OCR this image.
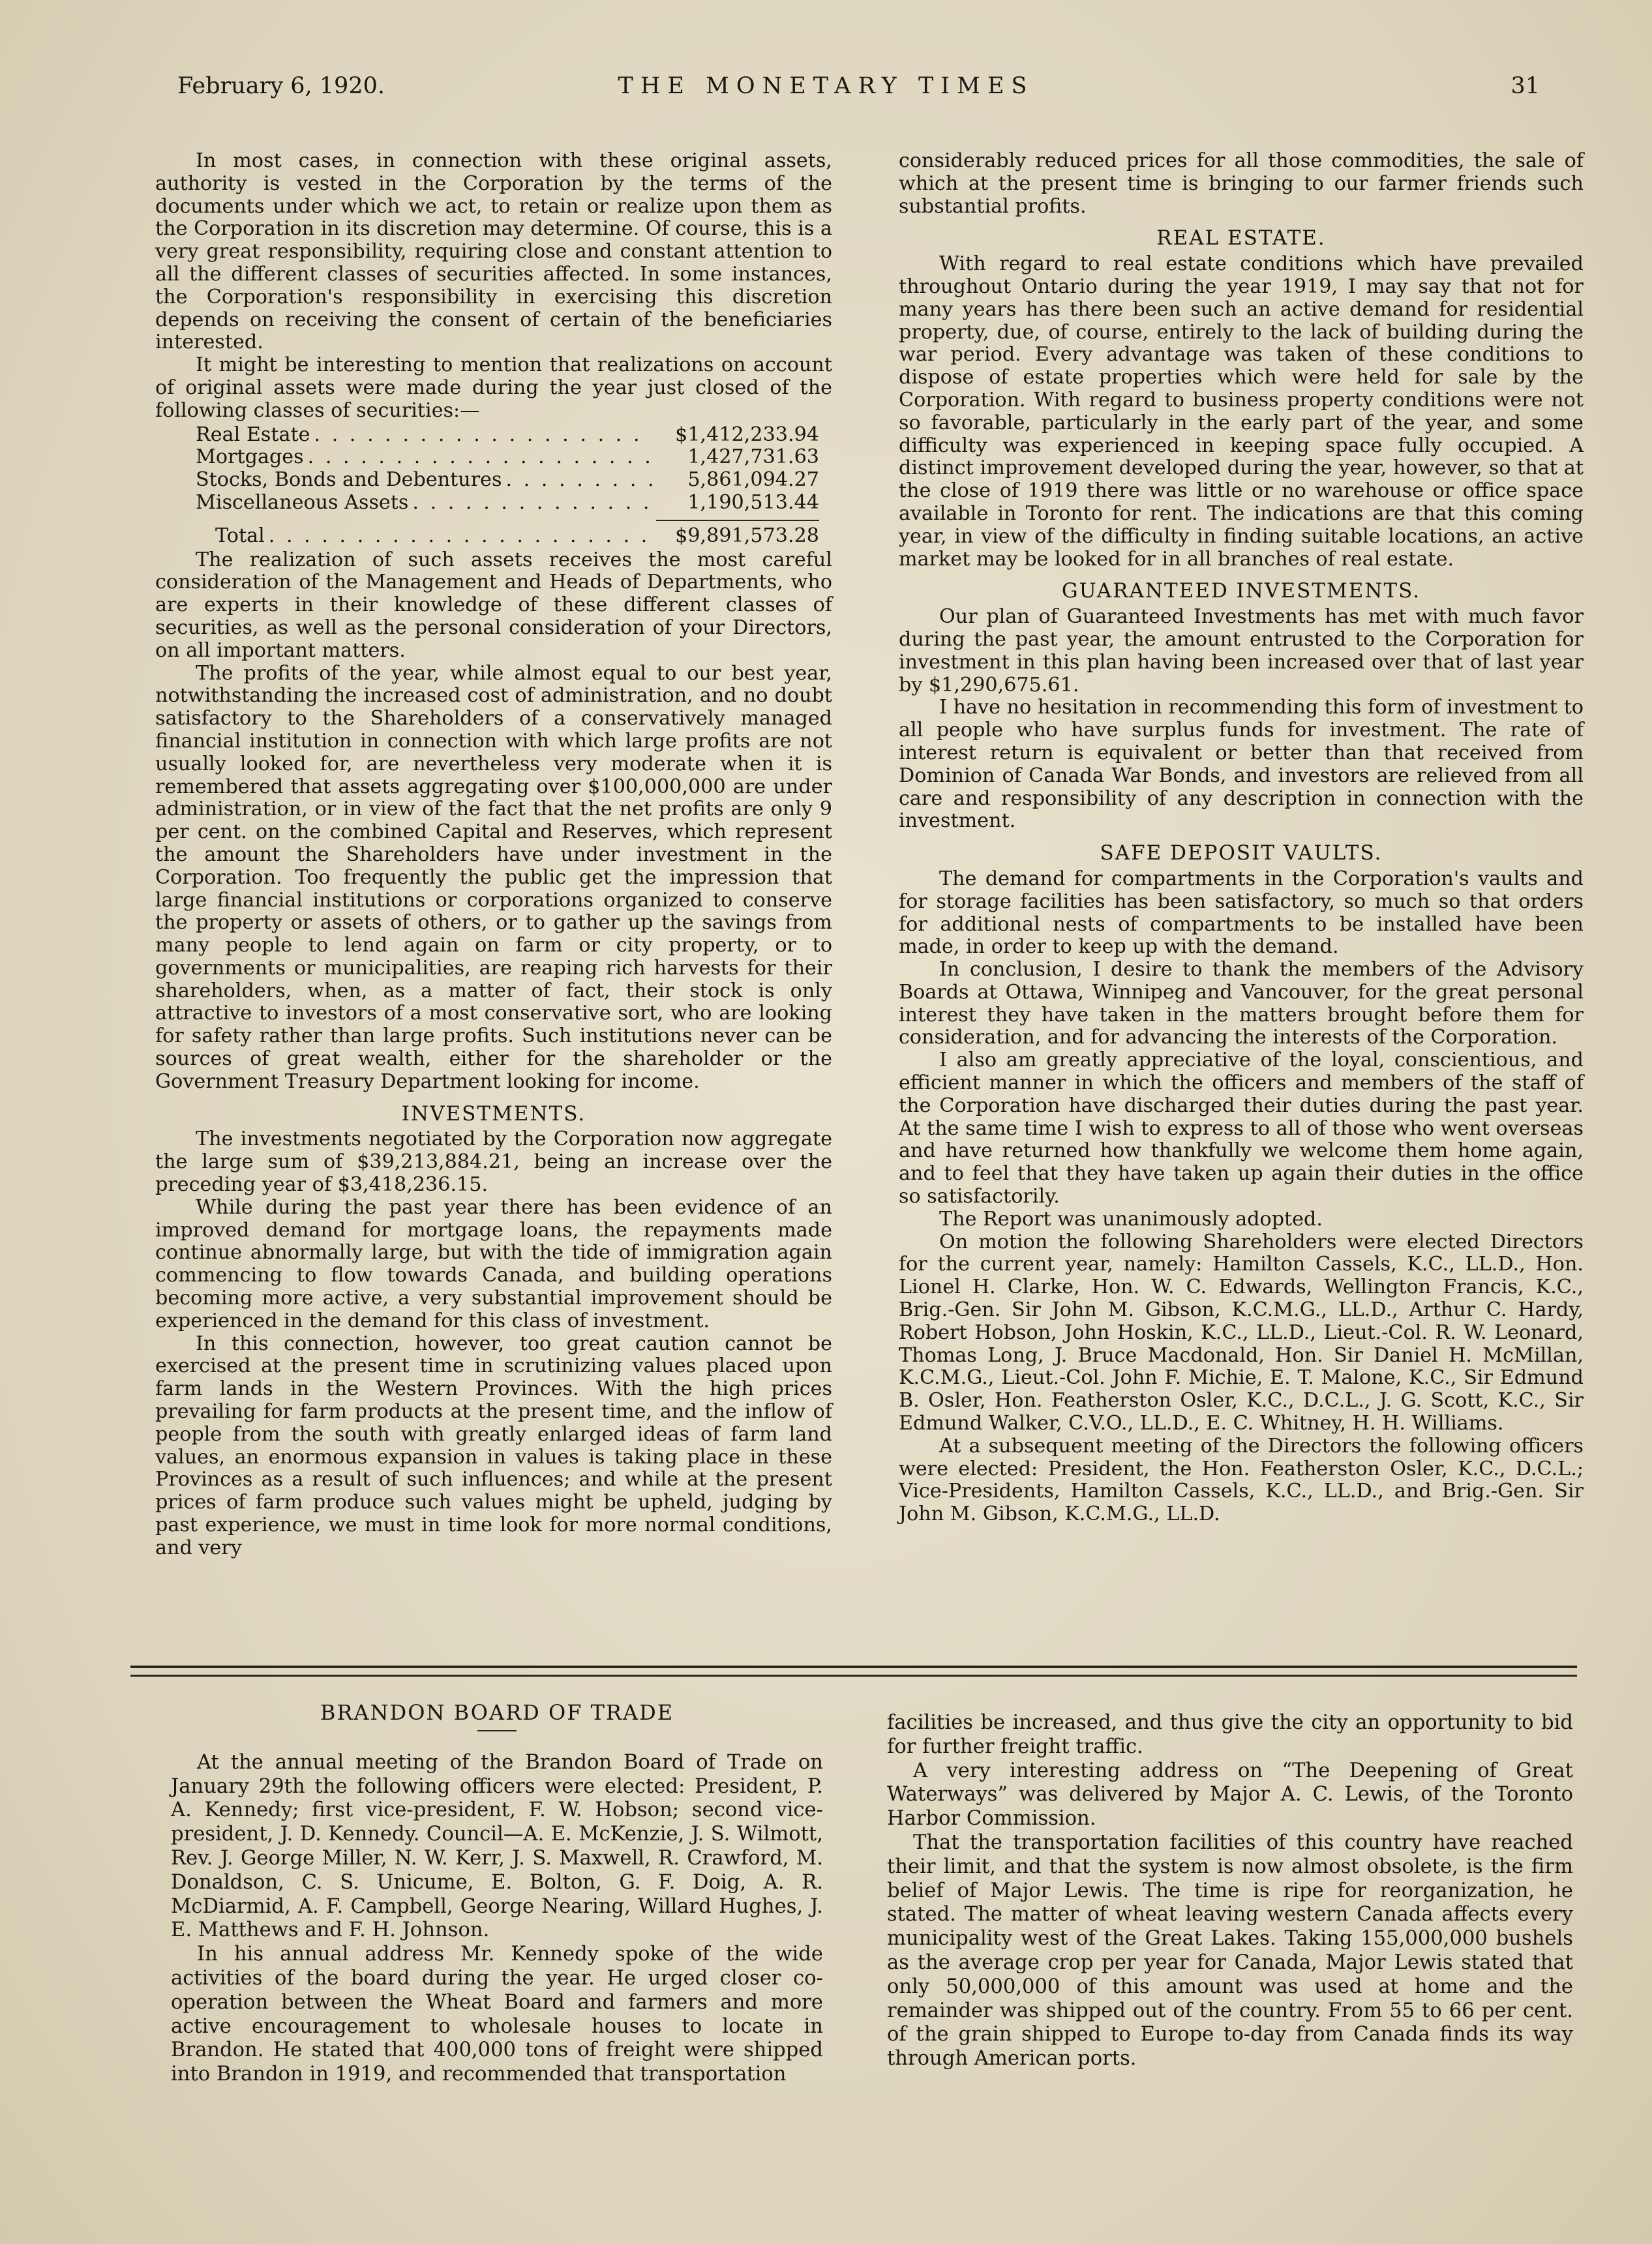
February 6, 1920.	THE MONETARY TIMES	31

In most cases, in connection with these original assets, authority is vested in the Corporation by the terms of the documents under which we act, to retain or realize upon them as the Corporation in its discretion may determine. Of course, this is a very great responsibility, requiring close and constant attention to all the different classes of securities affected. In some instances, the Corporation's responsibility in exercising this discretion depends on receiving the consent of certain of the beneficiaries interested.

It might be interesting to mention that realizations on account of original assets were made during the year just closed of the following classes of securities:—

Real Estate . . .	$1,412,233.94
Mortgages . . .	1,427,731.63
Stocks, Bonds and Debentures . . .	5,861,094.27
Miscellaneous Assets . . .	1,190,513.44
Total . . .	$9,891,573.28

The realization of such assets receives the most careful consideration of the Management and Heads of Departments, who are experts in their knowledge of these different classes of securities, as well as the personal consideration of your Directors, on all important matters.

The profits of the year, while almost equal to our best year, notwithstanding the increased cost of administration, and no doubt satisfactory to the Shareholders of a conservatively managed financial institution in connection with which large profits are not usually looked for, are nevertheless very moderate when it is remembered that assets aggregating over $100,000,000 are under administration, or in view of the fact that the net profits are only 9 per cent. on the combined Capital and Reserves, which represent the amount the Shareholders have under investment in the Corporation. Too frequently the public get the impression that large financial institutions or corporations organized to conserve the property or assets of others, or to gather up the savings from many people to lend again on farm or city property, or to governments or municipalities, are reaping rich harvests for their shareholders, when, as a matter of fact, their stock is only attractive to investors of a most conservative sort, who are looking for safety rather than large profits. Such institutions never can be sources of great wealth, either for the shareholder or the Government Treasury Department looking for income.

INVESTMENTS.

The investments negotiated by the Corporation now aggregate the large sum of $39,213,884.21, being an increase over the preceding year of $3,418,236.15.

While during the past year there has been evidence of an improved demand for mortgage loans, the repayments made continue abnormally large, but with the tide of immigration again commencing to flow towards Canada, and building operations becoming more active, a very substantial improvement should be experienced in the demand for this class of investment.

In this connection, however, too great caution cannot be exercised at the present time in scrutinizing values placed upon farm lands in the Western Provinces. With the high prices prevailing for farm products at the present time, and the inflow of people from the south with greatly enlarged ideas of farm land values, an enormous expansion in values is taking place in these Provinces as a result of such influences; and while at the present prices of farm produce such values might be upheld, judging by past experience, we must in time look for more normal conditions, and very

considerably reduced prices for all those commodities, the sale of which at the present time is bringing to our farmer friends such substantial profits.

REAL ESTATE.

With regard to real estate conditions which have prevailed throughout Ontario during the year 1919, I may say that not for many years has there been such an active demand for residential property, due, of course, entirely to the lack of building during the war period. Every advantage was taken of these conditions to dispose of estate properties which were held for sale by the Corporation. With regard to business property conditions were not so favorable, particularly in the early part of the year, and some difficulty was experienced in keeping space fully occupied. A distinct improvement developed during the year, however, so that at the close of 1919 there was little or no warehouse or office space available in Toronto for rent. The indications are that this coming year, in view of the difficulty in finding suitable locations, an active market may be looked for in all branches of real estate.

GUARANTEED INVESTMENTS.

Our plan of Guaranteed Investments has met with much favor during the past year, the amount entrusted to the Corporation for investment in this plan having been increased over that of last year by $1,290,675.61.

I have no hesitation in recommending this form of investment to all people who have surplus funds for investment. The rate of interest return is equivalent or better than that received from Dominion of Canada War Bonds, and investors are relieved from all care and responsibility of any description in connection with the investment.

SAFE DEPOSIT VAULTS.

The demand for compartments in the Corporation's vaults and for storage facilities has been satisfactory, so much so that orders for additional nests of compartments to be installed have been made, in order to keep up with the demand.

In conclusion, I desire to thank the members of the Advisory Boards at Ottawa, Winnipeg and Vancouver, for the great personal interest they have taken in the matters brought before them for consideration, and for advancing the interests of the Corporation.

I also am greatly appreciative of the loyal, conscientious, and efficient manner in which the officers and members of the staff of the Corporation have discharged their duties during the past year. At the same time I wish to express to all of those who went overseas and have returned how thankfully we welcome them home again, and to feel that they have taken up again their duties in the office so satisfactorily.

The Report was unanimously adopted.

On motion the following Shareholders were elected Directors for the current year, namely: Hamilton Cassels, K.C., LL.D., Hon. Lionel H. Clarke, Hon. W. C. Edwards, Wellington Francis, K.C., Brig.-Gen. Sir John M. Gibson, K.C.M.G., LL.D., Arthur C. Hardy, Robert Hobson, John Hoskin, K.C., LL.D., Lieut.-Col. R. W. Leonard, Thomas Long, J. Bruce Macdonald, Hon. Sir Daniel H. McMillan, K.C.M.G., Lieut.-Col. John F. Michie, E. T. Malone, K.C., Sir Edmund B. Osler, Hon. Featherston Osler, K.C., D.C.L., J. G. Scott, K.C., Sir Edmund Walker, C.V.O., LL.D., E. C. Whitney, H. H. Williams.

At a subsequent meeting of the Directors the following officers were elected: President, the Hon. Featherston Osler, K.C., D.C.L.; Vice-Presidents, Hamilton Cassels, K.C., LL.D., and Brig.-Gen. Sir John M. Gibson, K.C.M.G., LL.D.

BRANDON BOARD OF TRADE

At the annual meeting of the Brandon Board of Trade on January 29th the following officers were elected: President, P. A. Kennedy; first vice-president, F. W. Hobson; second vice-president, J. D. Kennedy. Council—A. E. McKenzie, J. S. Wilmott, Rev. J. George Miller, N. W. Kerr, J. S. Maxwell, R. Crawford, M. Donaldson, C. S. Unicume, E. Bolton, G. F. Doig, A. R. McDiarmid, A. F. Campbell, George Nearing, Willard Hughes, J. E. Matthews and F. H. Johnson.

In his annual address Mr. Kennedy spoke of the wide activities of the board during the year. He urged closer co-operation between the Wheat Board and farmers and more active encouragement to wholesale houses to locate in Brandon. He stated that 400,000 tons of freight were shipped into Brandon in 1919, and recommended that transportation

facilities be increased, and thus give the city an opportunity to bid for further freight traffic.

A very interesting address on “The Deepening of Great Waterways” was delivered by Major A. C. Lewis, of the Toronto Harbor Commission.

That the transportation facilities of this country have reached their limit, and that the system is now almost obsolete, is the firm belief of Major Lewis. The time is ripe for reorganization, he stated. The matter of wheat leaving western Canada affects every municipality west of the Great Lakes. Taking 155,000,000 bushels as the average crop per year for Canada, Major Lewis stated that only 50,000,000 of this amount was used at home and the remainder was shipped out of the country. From 55 to 66 per cent. of the grain shipped to Europe to-day from Canada finds its way through American ports.
